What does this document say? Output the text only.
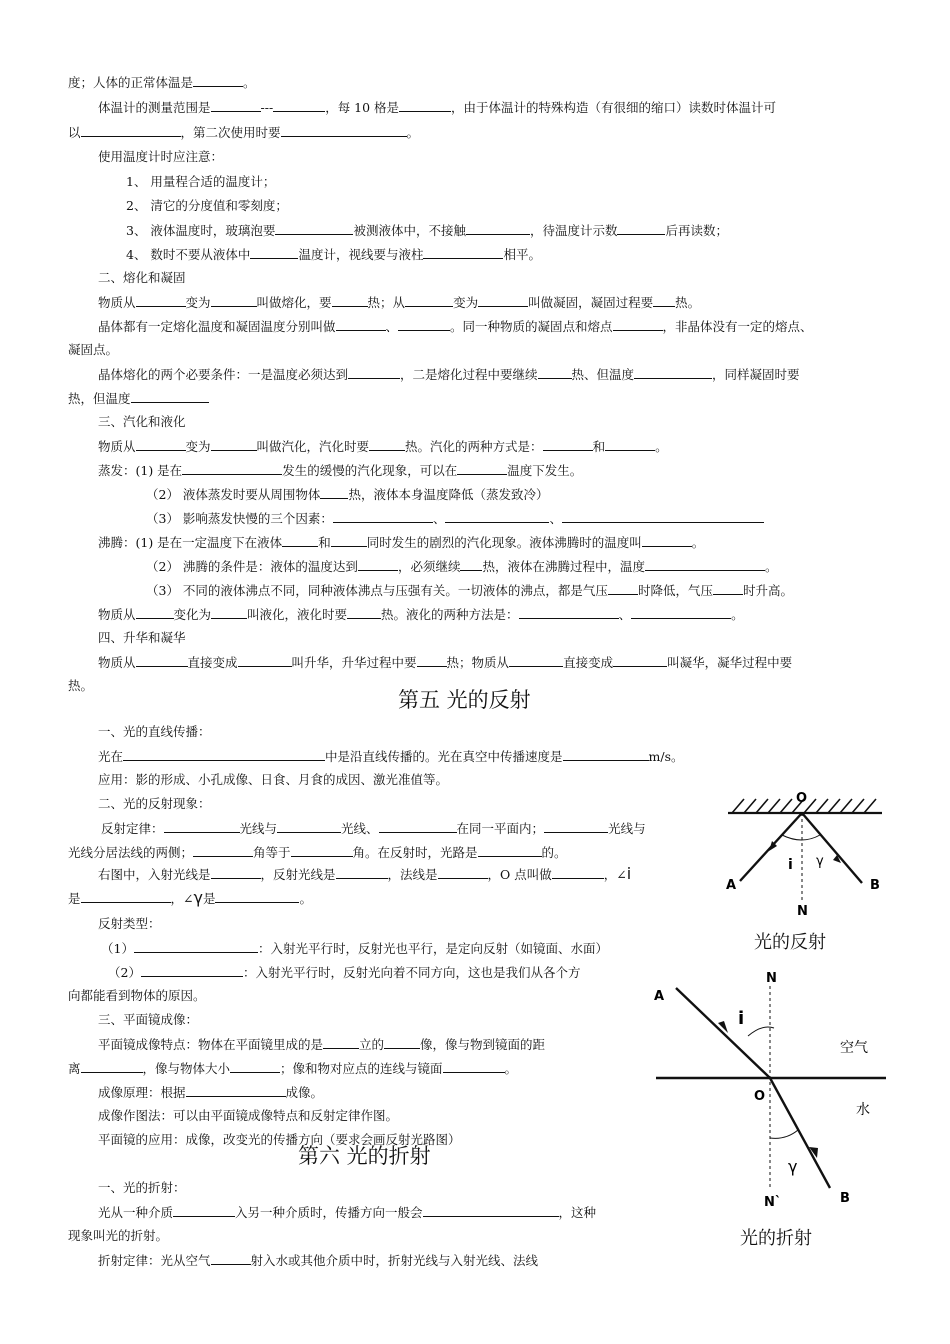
度；人体的正常体温是	。
体温计的测量范围是	---	，每 10 格是	，由于体温计的特殊构造（有很细的缩口）读数时体温计可
以	，第二次使用时要	。
使用温度计时应注意：
1、 用量程合适的温度计；
2、 清它的分度值和零刻度；
3、 液体温度时，玻璃泡要	被测液体中，不接触	，待温度计示数	后再读数；
4、 数时不要从液体中	温度计，视线要与液柱	相平。
二、熔化和凝固
物质从	变为	叫做熔化，要	热；从	变为	叫做凝固，凝固过程要 热。
晶体都有一定熔化温度和凝固温度分别叫做	、	。同一种物质的凝固点和熔点	，非晶体没有一定的熔点、
凝固点。
晶体熔化的两个必要条件：一是温度必须达到	，二是熔化过程中要继续	热、但温度	，同样凝固时要
热，但温度
三、汽化和液化
物质从	变为	叫做汽化，汽化时要	热。汽化的两种方式是：	和	。
蒸发：(1) 是在	发生的缓慢的汽化现象，可以在	温度下发生。
（2） 液体蒸发时要从周围物体 热，液体本身温度降低（蒸发致冷）
（3） 影响蒸发快慢的三个因素：	、	、
沸腾：(1) 是在一定温度下在液体	和	同时发生的剧烈的汽化现象。液体沸腾时的温度叫	。
（2） 沸腾的条件是：液体的温度达到	，必须继续 热，液体在沸腾过程中，温度	。
（3） 不同的液体沸点不同，同种液体沸点与压强有关。一切液体的沸点，都是气压 时降低，气压 时升高。
物质从	变化为	叫液化，液化时要	热。液化的两种方法是：	、	。
四、升华和凝华
物质从	直接变成	叫升华，升华过程中要 热；物质从	直接变成	叫凝华，凝华过程中要
热。
第五 光的反射
一、光的直线传播：
光在	中是沿直线传播的。光在真空中传播速度是	m/s。
应用：影的形成、小孔成像、日食、月食的成因、激光准值等。
二、光的反射现象：
反射定律：	光线与	光线、	在同一平面内；	光线与
光线分居法线的两侧；	角等于	角。在反射时，光路是	的。
右图中，入射光线是	，反射光线是	，法线是	，O 点叫做	，∠i
是	，∠γ是	。
反射类型：
（1）	：入射光平行时，反射光也平行，是定向反射（如镜面、水面）
（2）	：入射光平行时，反射光向着不同方向，这也是我们从各个方
向都能看到物体的原因。
三、平面镜成像：
平面镜成像特点：物体在平面镜里成的是	立的	像，像与物到镜面的距
离	，像与物体大小	；像和物对应点的连线与镜面	。
成像原理：根据	成像。
成像作图法：可以由平面镜成像特点和反射定律作图。
平面镜的应用：成像，改变光的传播方向（要求会画反射光路图）
第六 光的折射
一、光的折射：
光从一种介质	入另一种介质时，传播方向一般会	，这种
现象叫光的折射。
折射定律：光从空气	射入水或其他介质中时，折射光线与入射光线、法线
O
A	B
N
i γ
光的反射
A
N
i
空气
O
水
γ
N`	B
光的折射
